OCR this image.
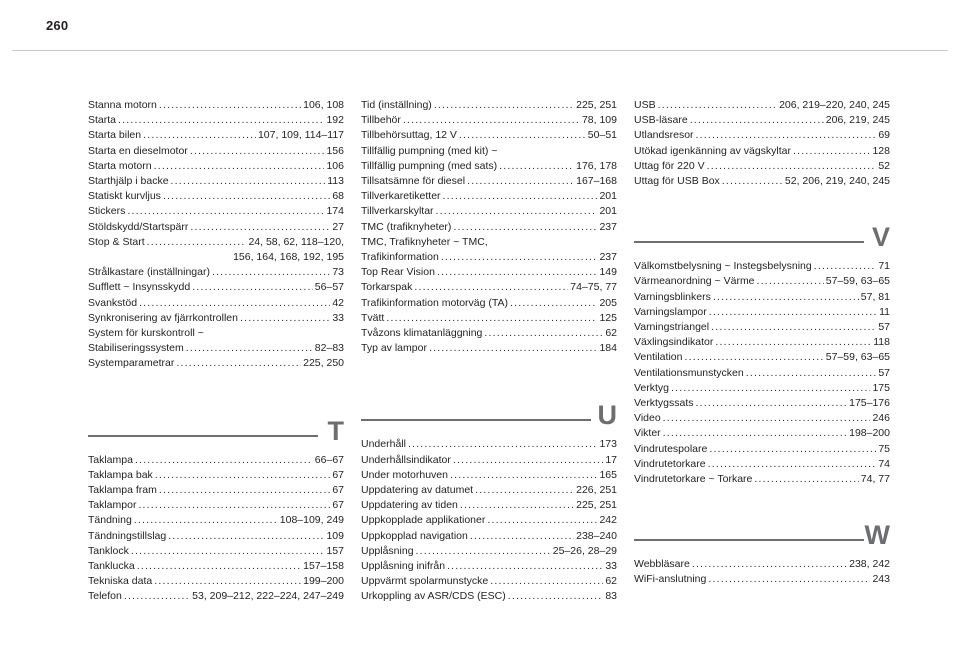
260
Stanna motorn .....	106, 108
Starta .....	192
Starta bilen .....	107, 109, 114–117
Starta en dieselmotor .....	156
Starta motorn .....	106
Starthjälp i backe .....	113
Statiskt kurvljus .....	68
Stickers .....	174
Stöldskydd/Startspärr .....	27
Stop & Start .....	24, 58, 62, 118–120,
156, 164, 168, 192, 195
Strålkastare (inställningar) .....	73
Sufflett ~ Insynsskydd .....	56–57
Svankstöd .....	42
Synkronisering av fjärrkontrollen .....	33
System för kurskontroll ~
Stabiliseringssystem .....	82–83
Systemparametrar .....	225, 250
T
Taklampa .....	66–67
Taklampa bak .....	67
Taklampa fram .....	67
Taklampor .....	67
Tändning .....	108–109, 249
Tändningstillslag .....	109
Tanklock .....	157
Tanklucka .....	157–158
Tekniska data .....	199–200
Telefon .....	53, 209–212, 222–224, 247–249
Tid (inställning) .....	225, 251
Tillbehör .....	78, 109
Tillbehörsuttag, 12 V .....	50–51
Tillfällig pumpning (med kit) ~
Tillfällig pumpning (med sats) .....	176, 178
Tillsatsämne för diesel .....	167–168
Tillverkaretiketter .....	201
Tillverkarskyltar .....	201
TMC (trafiknyheter) .....	237
TMC, Trafiknyheter ~ TMC,
Trafikinformation .....	237
Top Rear Vision .....	149
Torkarspak .....	74–75, 77
Trafikinformation motorväg (TA) .....	205
Tvätt .....	125
Tvåzons klimatanläggning .....	62
Typ av lampor .....	184
U
Underhåll .....	173
Underhållsindikator .....	17
Under motorhuven .....	165
Uppdatering av datumet .....	226, 251
Uppdatering av tiden .....	225, 251
Uppkopplade applikationer .....	242
Uppkopplad navigation .....	238–240
Upplåsning .....	25–26, 28–29
Upplåsning inifrån .....	33
Uppvärmt spolarmunstycke .....	62
Urkoppling av ASR/CDS (ESC) .....	83
USB .....	206, 219–220, 240, 245
USB-läsare .....	206, 219, 245
Utlandsresor .....	69
Utökad igenkänning av vägskyltar .....	128
Uttag för 220 V .....	52
Uttag för USB Box .....	52, 206, 219, 240, 245
V
Välkomstbelysning ~ Instegsbelysning .....	71
Värmeanordning ~ Värme .....	57–59, 63–65
Varningsblinkers .....	57, 81
Varningslampor .....	11
Varningstriangel .....	57
Växlingsindikator .....	118
Ventilation .....	57–59, 63–65
Ventilationsmunstycken .....	57
Verktyg .....	175
Verktygssats .....	175–176
Video .....	246
Vikter .....	198–200
Vindrutespolare .....	75
Vindrutetorkare .....	74
Vindrutetorkare ~ Torkare .....	74, 77
W
Webbläsare .....	238, 242
WiFi-anslutning .....	243
